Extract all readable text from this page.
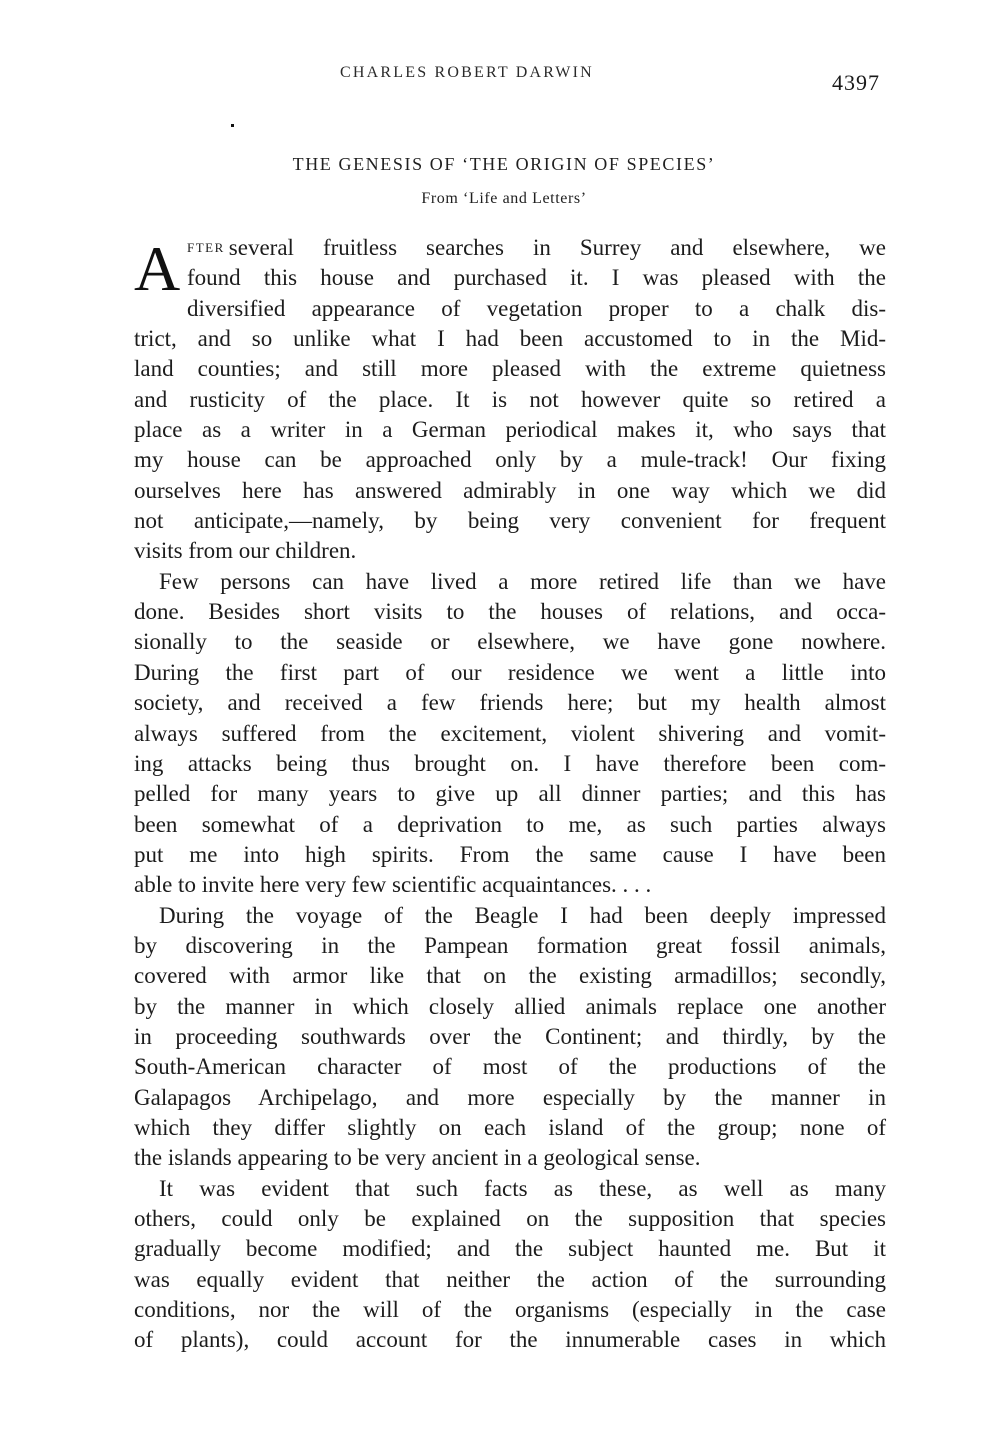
CHARLES ROBERT DARWIN	4397
THE GENESIS OF ‘THE ORIGIN OF SPECIES’
From ‘Life and Letters’
A FTER several fruitless searches in Surrey and elsewhere, we
found this house and purchased it. I was pleased with the
diversified appearance of vegetation proper to a chalk dis-
trict, and so unlike what I had been accustomed to in the Mid-
land counties; and still more pleased with the extreme quietness
and rusticity of the place. It is not however quite so retired a
place as a writer in a German periodical makes it, who says that
my house can be approached only by a mule-track! Our fixing
ourselves here has answered admirably in one way which we did
not anticipate,—namely, by being very convenient for frequent
visits from our children.
Few persons can have lived a more retired life than we have
done. Besides short visits to the houses of relations, and occa-
sionally to the seaside or elsewhere, we have gone nowhere.
During the first part of our residence we went a little into
society, and received a few friends here; but my health almost
always suffered from the excitement, violent shivering and vomit-
ing attacks being thus brought on. I have therefore been com-
pelled for many years to give up all dinner parties; and this has
been somewhat of a deprivation to me, as such parties always
put me into high spirits. From the same cause I have been
able to invite here very few scientific acquaintances. . . .
During the voyage of the Beagle I had been deeply impressed
by discovering in the Pampean formation great fossil animals,
covered with armor like that on the existing armadillos; secondly,
by the manner in which closely allied animals replace one another
in proceeding southwards over the Continent; and thirdly, by the
South-American character of most of the productions of the
Galapagos Archipelago, and more especially by the manner in
which they differ slightly on each island of the group; none of
the islands appearing to be very ancient in a geological sense.
It was evident that such facts as these, as well as many
others, could only be explained on the supposition that species
gradually become modified; and the subject haunted me. But it
was equally evident that neither the action of the surrounding
conditions, nor the will of the organisms (especially in the case
of plants), could account for the innumerable cases in which
